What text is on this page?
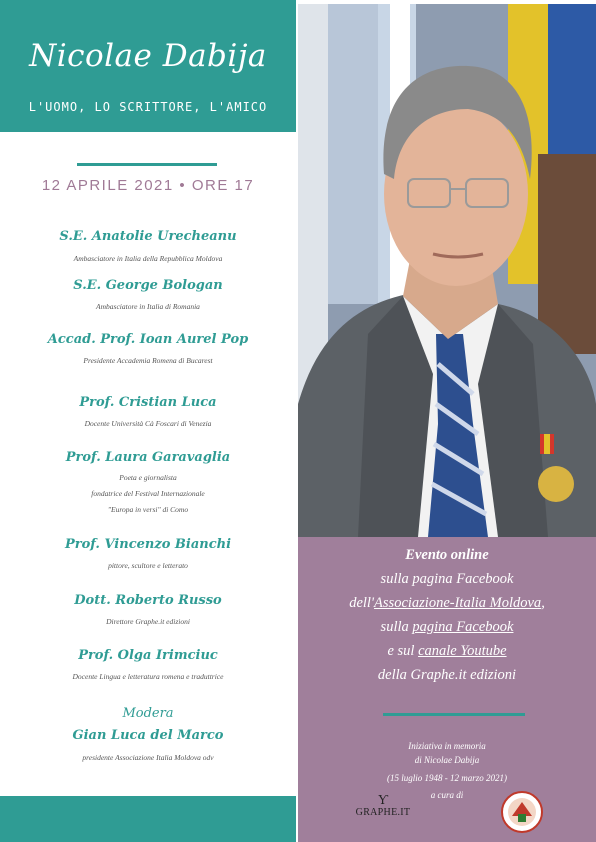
Nicolae Dabija
L'UOMO, LO SCRITTORE, L'AMICO
12 APRILE 2021 • ORE 17
S.E. Anatolie Urecheanu
Ambasciatore in Italia della Repubblica Moldova
S.E. George Bologan
Ambasciatore in Italia di Romania
Accad. Prof. Ioan Aurel Pop
Presidente Accademia Romena di Bucarest
Prof. Cristian Luca
Docente Università Cà Foscari di Venezia
Prof. Laura Garavaglia
Poeta e giornalista
fondatrice del Festival Internazionale
"Europa in versi" di Como
Prof. Vincenzo Bianchi
pittore, scultore e letterato
Dott. Roberto Russo
Direttore Graphe.it edizioni
Prof. Olga Irimciuc
Docente Lingua e letteratura romena e traduttrice
Modera
Gian Luca del Marco
presidente Associazione Italia Moldova odv
Evento online
sulla pagina Facebook
dell'Associazione-Italia Moldova,
sulla pagina Facebook
e sul canale Youtube
della Graphe.it edizioni
Iniziativa in memoria
di Nicolae Dabija
(15 luglio 1948 - 12 marzo 2021)
a cura di
Ƴ
GRAPHE.IT
